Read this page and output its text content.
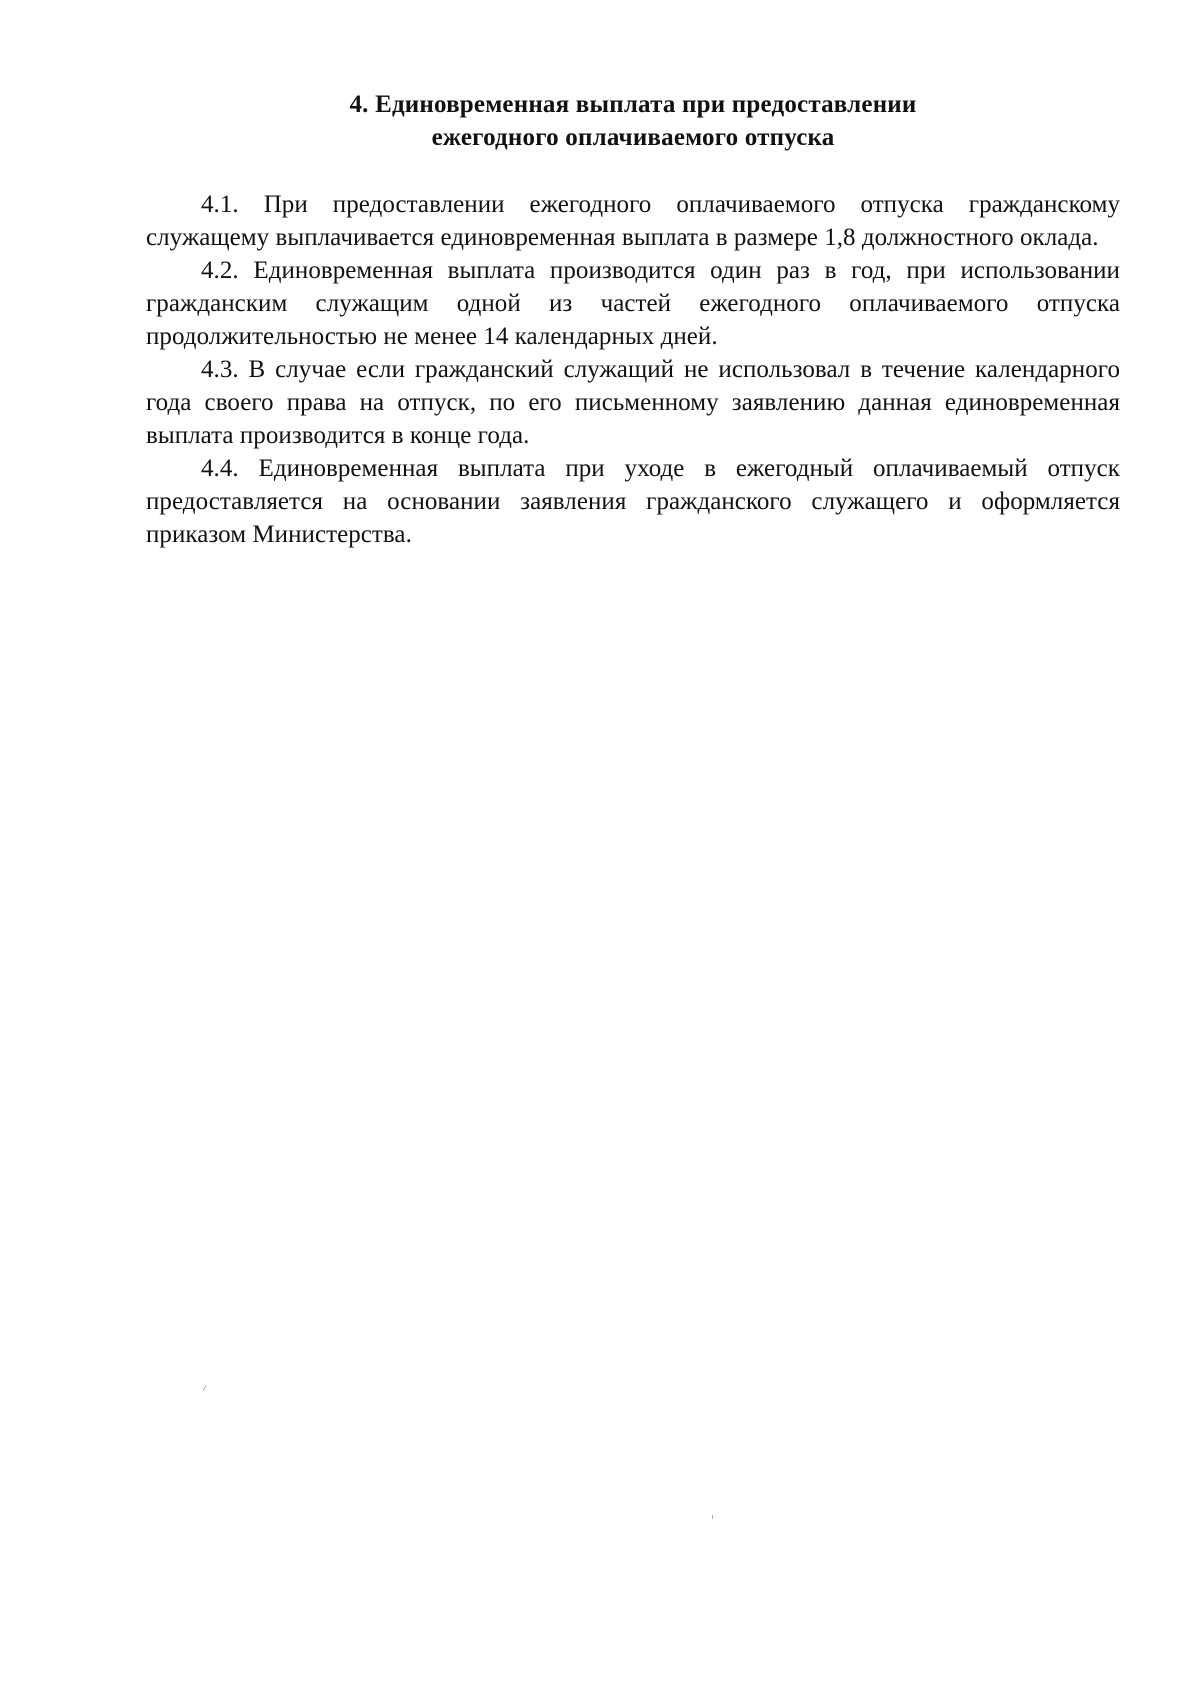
4. Единовременная выплата при предоставлении
ежегодного оплачиваемого отпуска

4.1. При предоставлении ежегодного оплачиваемого отпуска гражданскому служащему выплачивается единовременная выплата в размере 1,8 должностного оклада.

4.2. Единовременная выплата производится один раз в год, при использовании гражданским служащим одной из частей ежегодного оплачиваемого отпуска продолжительностью не менее 14 календарных дней.

4.3. В случае если гражданский служащий не использовал в течение календарного года своего права на отпуск, по его письменному заявлению данная единовременная выплата производится в конце года.

4.4. Единовременная выплата при уходе в ежегодный оплачиваемый отпуск предоставляется на основании заявления гражданского служащего и оформляется приказом Министерства.
